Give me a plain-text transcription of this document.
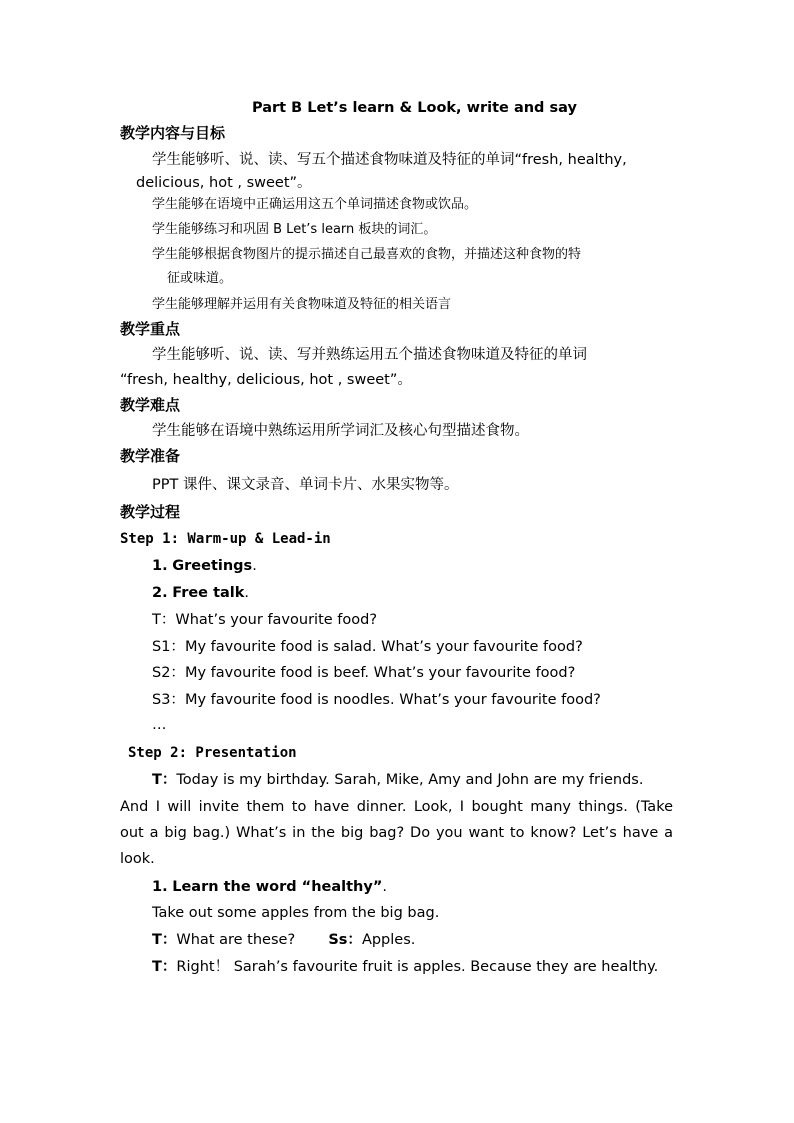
Part B Let’s learn & Look, write and say
教学内容与目标
学生能够听、说、读、写五个描述食物味道及特征的单词“fresh, healthy,
delicious, hot , sweet”。
学生能够在语境中正确运用这五个单词描述食物或饮品。
学生能够练习和巩固 B Let’s learn 板块的词汇。
学生能够根据食物图片的提示描述自己最喜欢的食物，并描述这种食物的特
征或味道。
学生能够理解并运用有关食物味道及特征的相关语言
教学重点
学生能够听、说、读、写并熟练运用五个描述食物味道及特征的单词
“fresh, healthy, delicious, hot , sweet”。
教学难点
学生能够在语境中熟练运用所学词汇及核心句型描述食物。
教学准备
PPT 课件、课文录音、单词卡片、水果实物等。
教学过程
Step 1: Warm-up & Lead-in
1. Greetings.
2. Free talk.
T：What’s your favourite food?
S1：My favourite food is salad. What’s your favourite food?
S2：My favourite food is beef. What’s your favourite food?
S3：My favourite food is noodles. What’s your favourite food?
…
Step 2: Presentation
T：Today is my birthday. Sarah, Mike, Amy and John are my friends.
And I will invite them to have dinner. Look, I bought many things. (Take
out a big bag.) What’s in the big bag? Do you want to know? Let’s have a
look.
1. Learn the word “healthy”.
Take out some apples from the big bag.
T：What are these? Ss：Apples.
T：Right！ Sarah’s favourite fruit is apples. Because they are healthy.
